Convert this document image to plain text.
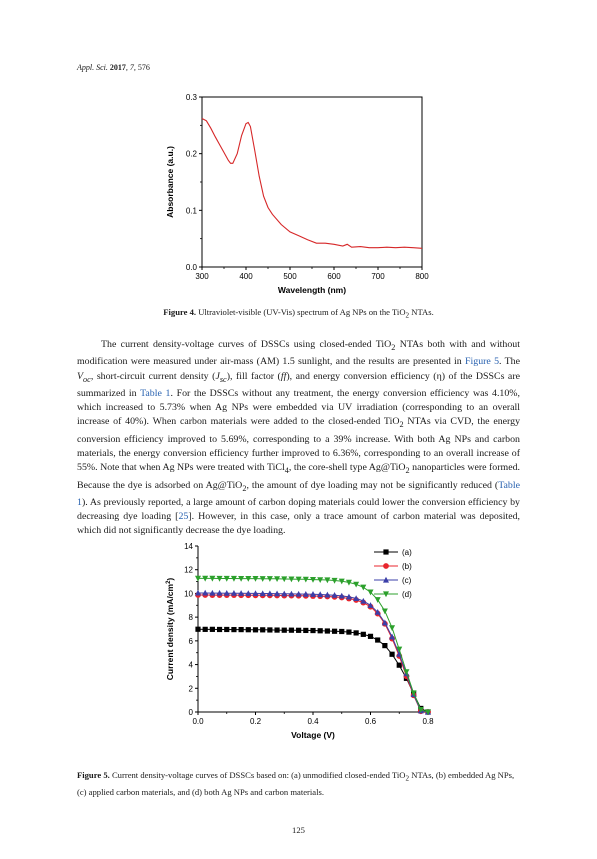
Appl. Sci. 2017, 7, 576
300	400	500	600	700	800
0.0
0.1
0.2
0.3
Wavelength (nm)
Absorbance (a.u.)
Figure 4. Ultraviolet-visible (UV-Vis) spectrum of Ag NPs on the TiO$_2$ NTAs.

The current density-voltage curves of DSSCs using closed-ended TiO$_2$ NTAs both with and without modification were measured under air-mass (AM) 1.5 sunlight, and the results are presented in Figure 5. The $V_{oc}$, short-circuit current density $(J_{sc})$, fill factor (ff), and energy conversion efficiency (η) of the DSSCs are summarized in Table 1. For the DSSCs without any treatment, the energy conversion efficiency was 4.10%, which increased to 5.73% when Ag NPs were embedded via UV irradiation (corresponding to an overall increase of 40%). When carbon materials were added to the closed-ended TiO$_2$ NTAs via CVD, the energy conversion efficiency improved to 5.69%, corresponding to a 39% increase. With both Ag NPs and carbon materials, the energy conversion efficiency further improved to 6.36%, corresponding to an overall increase of 55%. Note that when Ag NPs were treated with TiCl$_4$, the core-shell type Ag@TiO$_2$ nanoparticles were formed. Because the dye is adsorbed on Ag@TiO$_2$, the amount of dye loading may not be significantly reduced (Table 1). As previously reported, a large amount of carbon doping materials could lower the conversion efficiency by decreasing dye loading [25]. However, in this case, only a trace amount of carbon material was deposited, which did not significantly decrease the dye loading.

0.0	0.2	0.4	0.6	0.8
0
2
4
6
8
10
12
14
Voltage (V)
Current density $(mA/cm^2)$
(a)
(b)
(c)
(d)
Figure 5. Current density-voltage curves of DSSCs based on: (a) unmodified closed-ended TiO$_2$ NTAs, (b) embedded Ag NPs, (c) applied carbon materials, and (d) both Ag NPs and carbon materials.
125
